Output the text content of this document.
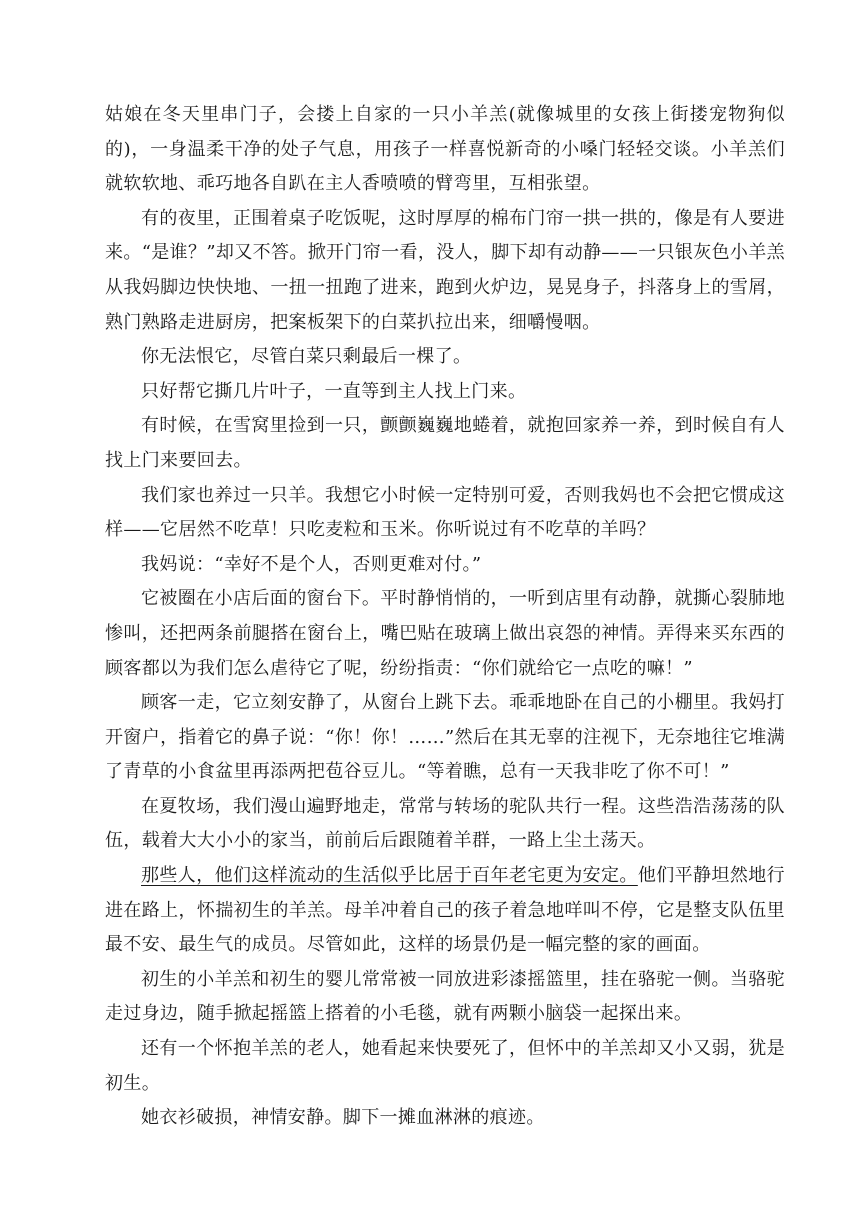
姑娘在冬天里串门子，会搂上自家的一只小羊羔(就像城里的女孩上街搂宠物狗似的)，一身温柔干净的处子气息，用孩子一样喜悦新奇的小嗓门轻轻交谈。小羊羔们就软软地、乖巧地各自趴在主人香喷喷的臂弯里，互相张望。

有的夜里，正围着桌子吃饭呢，这时厚厚的棉布门帘一拱一拱的，像是有人要进来。“是谁？”却又不答。掀开门帘一看，没人，脚下却有动静——一只银灰色小羊羔从我妈脚边快快地、一扭一扭跑了进来，跑到火炉边，晃晃身子，抖落身上的雪屑，熟门熟路走进厨房，把案板架下的白菜扒拉出来，细嚼慢咽。

你无法恨它，尽管白菜只剩最后一棵了。

只好帮它撕几片叶子，一直等到主人找上门来。

有时候，在雪窝里捡到一只，颤颤巍巍地蜷着，就抱回家养一养，到时候自有人找上门来要回去。

我们家也养过一只羊。我想它小时候一定特别可爱，否则我妈也不会把它惯成这样——它居然不吃草！只吃麦粒和玉米。你听说过有不吃草的羊吗？

我妈说：“幸好不是个人，否则更难对付。”

它被圈在小店后面的窗台下。平时静悄悄的，一听到店里有动静，就撕心裂肺地惨叫，还把两条前腿搭在窗台上，嘴巴贴在玻璃上做出哀怨的神情。弄得来买东西的顾客都以为我们怎么虐待它了呢，纷纷指责：“你们就给它一点吃的嘛！”

顾客一走，它立刻安静了，从窗台上跳下去。乖乖地卧在自己的小棚里。我妈打开窗户，指着它的鼻子说：“你！你！……”然后在其无辜的注视下，无奈地往它堆满了青草的小食盆里再添两把苞谷豆儿。“等着瞧，总有一天我非吃了你不可！”

在夏牧场，我们漫山遍野地走，常常与转场的驼队共行一程。这些浩浩荡荡的队伍，载着大大小小的家当，前前后后跟随着羊群，一路上尘土荡天。

那些人，他们这样流动的生活似乎比居于百年老宅更为安定。他们平静坦然地行进在路上，怀揣初生的羊羔。母羊冲着自己的孩子着急地咩叫不停，它是整支队伍里最不安、最生气的成员。尽管如此，这样的场景仍是一幅完整的家的画面。

初生的小羊羔和初生的婴儿常常被一同放进彩漆摇篮里，挂在骆驼一侧。当骆驼走过身边，随手掀起摇篮上搭着的小毛毯，就有两颗小脑袋一起探出来。

还有一个怀抱羊羔的老人，她看起来快要死了，但怀中的羊羔却又小又弱，犹是初生。

她衣衫破损，神情安静。脚下一摊血淋淋的痕迹。
